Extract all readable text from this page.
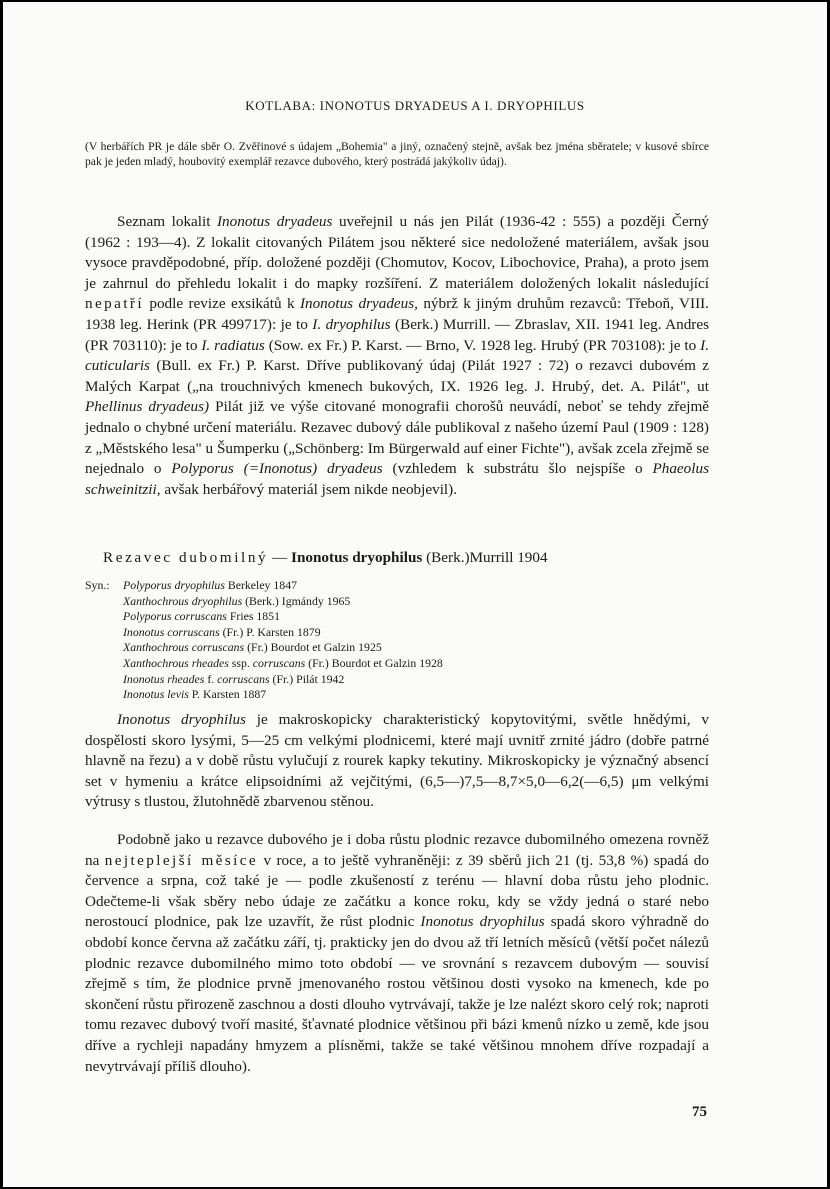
KOTLABA: INONOTUS DRYADEUS A I. DRYOPHILUS
(V herbářích PR je dále sběr O. Zvěřinové s údajem „Bohemia" a jiný, označený stejně, avšak bez jména sběratele; v kusové sbírce pak je jeden mladý, houbovitý exemplář rezavce dubového, který postrádá jakýkoliv údaj).

Seznam lokalit Inonotus dryadeus uveřejnil u nás jen Pilát (1936-42 : 555) a později Černý (1962 : 193—4). Z lokalit citovaných Pilátem jsou některé sice nedoložené materiálem, avšak jsou vysoce pravděpodobné, příp. doložené později (Chomutov, Kocov, Libochovice, Praha), a proto jsem je zahrnul do přehledu lokalit i do mapky rozšíření. Z materiálem doložených lokalit následující nepatří podle revize exsikátů k Inonotus dryadeus, nýbrž k jiným druhům rezavců: Třeboň, VIII. 1938 leg. Herink (PR 499717): je to I. dryophilus (Berk.) Murrill. — Zbraslav, XII. 1941 leg. Andres (PR 703110): je to I. radiatus (Sow. ex Fr.) P. Karst. — Brno, V. 1928 leg. Hrubý (PR 703108): je to I. cuticularis (Bull. ex Fr.) P. Karst. Dříve publikovaný údaj (Pilát 1927 : 72) o rezavci dubovém z Malých Karpat („na trouchnivých kmenech bukových, IX. 1926 leg. J. Hrubý, det. A. Pilát", ut Phellinus dryadeus) Pilát již ve výše citované monografii chorošů neuvádí, neboť se tehdy zřejmě jednalo o chybné určení materiálu. Rezavec dubový dále publikoval z našeho území Paul (1909 : 128) z „Městského lesa" u Šumperku („Schönberg: Im Bürgerwald auf einer Fichte"), avšak zcela zřejmě se nejednalo o Polyporus (=Inonotus) dryadeus (vzhledem k substrátu šlo nejspíše o Phaeolus schweinitzii, avšak herbářový materiál jsem nikde neobjevil).

Rezavec dubomilný — Inonotus dryophilus (Berk.)Murrill 1904
Syn.:	Polyporus dryophilus Berkeley 1847
Xanthochrous dryophilus (Berk.) Igmándy 1965
Polyporus corruscans Fries 1851
Inonotus corruscans (Fr.) P. Karsten 1879
Xanthochrous corruscans (Fr.) Bourdot et Galzin 1925
Xanthochrous rheades ssp. corruscans (Fr.) Bourdot et Galzin 1928
Inonotus rheades f. corruscans (Fr.) Pilát 1942
Inonotus levis P. Karsten 1887

Inonotus dryophilus je makroskopicky charakteristický kopytovitými, světle hnědými, v dospělosti skoro lysými, 5—25 cm velkými plodnicemi, které mají uvnitř zrnité jádro (dobře patrné hlavně na řezu) a v době růstu vylučují z rourek kapky tekutiny. Mikroskopicky je význačný absencí set v hymeniu a krátce elipsoidními až vejčitými, (6,5—)7,5—8,7×5,0—6,2(—6,5) μm velkými výtrusy s tlustou, žlutohnědě zbarvenou stěnou.

Podobně jako u rezavce dubového je i doba růstu plodnic rezavce dubomilného omezena rovněž na nejteplejší měsíce v roce, a to ještě vyhraněněji: z 39 sběrů jich 21 (tj. 53,8 %) spadá do července a srpna, což také je — podle zkušeností z terénu — hlavní doba růstu jeho plodnic. Odečteme-li však sběry nebo údaje ze začátku a konce roku, kdy se vždy jedná o staré nebo nerostoucí plodnice, pak lze uzavřít, že růst plodnic Inonotus dryophilus spadá skoro výhradně do období konce června až začátku září, tj. prakticky jen do dvou až tří letních měsíců (větší počet nálezů plodnic rezavce dubomilného mimo toto období — ve srovnání s rezavcem dubovým — souvisí zřejmě s tím, že plodnice prvně jmenovaného rostou většinou dosti vysoko na kmenech, kde po skončení růstu přirozeně zaschnou a dosti dlouho vytrvávají, takže je lze nalézt skoro celý rok; naproti tomu rezavec dubový tvoří masité, šťavnaté plodnice většinou při bázi kmenů nízko u země, kde jsou dříve a rychleji napadány hmyzem a plísněmi, takže se také většinou mnohem dříve rozpadají a nevytrvávají příliš dlouho).

75
